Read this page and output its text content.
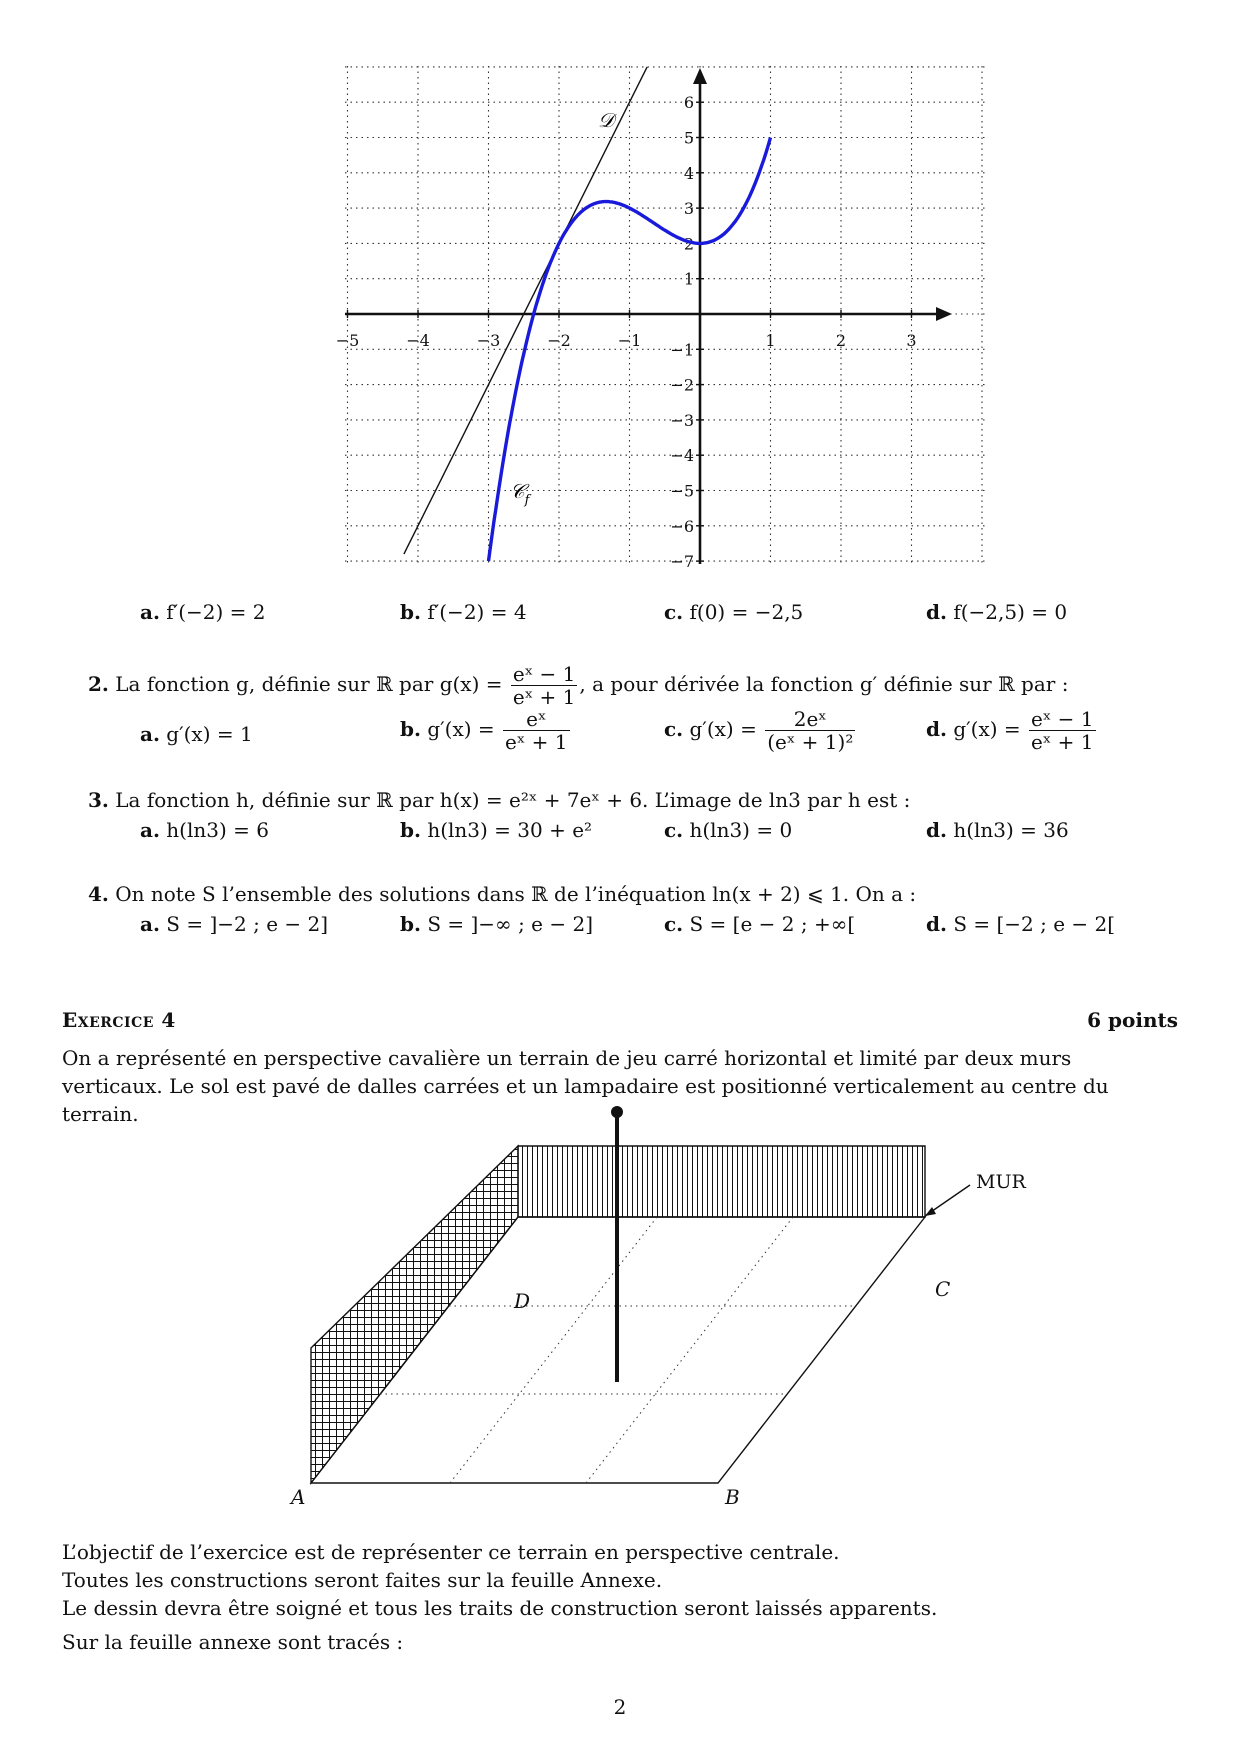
−5	−4	−3	−2	−1	1	2	3
6
5
4
3
2
1
−1
−2
−3
−4
−5
−6
−7
𝒟
𝒞$_f$
a. f′(−2) = 2	b. f′(−2) = 4	c. f(0) = −2,5	d. f(−2,5) = 0
2. La fonction g, définie sur ℝ par $g(x) = \frac{\text{eˣ − 1}}{\text{eˣ + 1}}$ , a pour dérivée la fonction g′ définie sur ℝ par :
a. g′(x) = 1	b. $g'(x) = \frac{\text{eˣ}}{\text{eˣ + 1}}$	c. $g'(x) = \frac{\text{2eˣ}}{\text{(eˣ + 1)²}}$	d. $g'(x) = \frac{\text{eˣ − 1}}{\text{eˣ + 1}}$
3. La fonction h, définie sur ℝ par h(x) = e²ˣ + 7eˣ + 6. L’image de ln3 par h est :
a. h(ln3) = 6	b. h(ln3) = 30 + e²	c. h(ln3) = 0	d. h(ln3) = 36
4. On note S l’ensemble des solutions dans ℝ de l’inéquation ln(x + 2) ⩽ 1. On a :
a. S = ]−2 ; e − 2]	b. S = ]−∞ ; e − 2]	c. S = [e − 2 ; +∞[	d. S = [−2 ; e − 2[
Exercice 4	6 points
On a représenté en perspective cavalière un terrain de jeu carré horizontal et limité par deux murs verticaux. Le sol est pavé de dalles carrées et un lampadaire est positionné verticalement au centre du terrain.
MUR
A	B
C
D
L’objectif de l’exercice est de représenter ce terrain en perspective centrale.
Toutes les constructions seront faites sur la feuille Annexe.
Le dessin devra être soigné et tous les traits de construction seront laissés apparents.
Sur la feuille annexe sont tracés :
2
